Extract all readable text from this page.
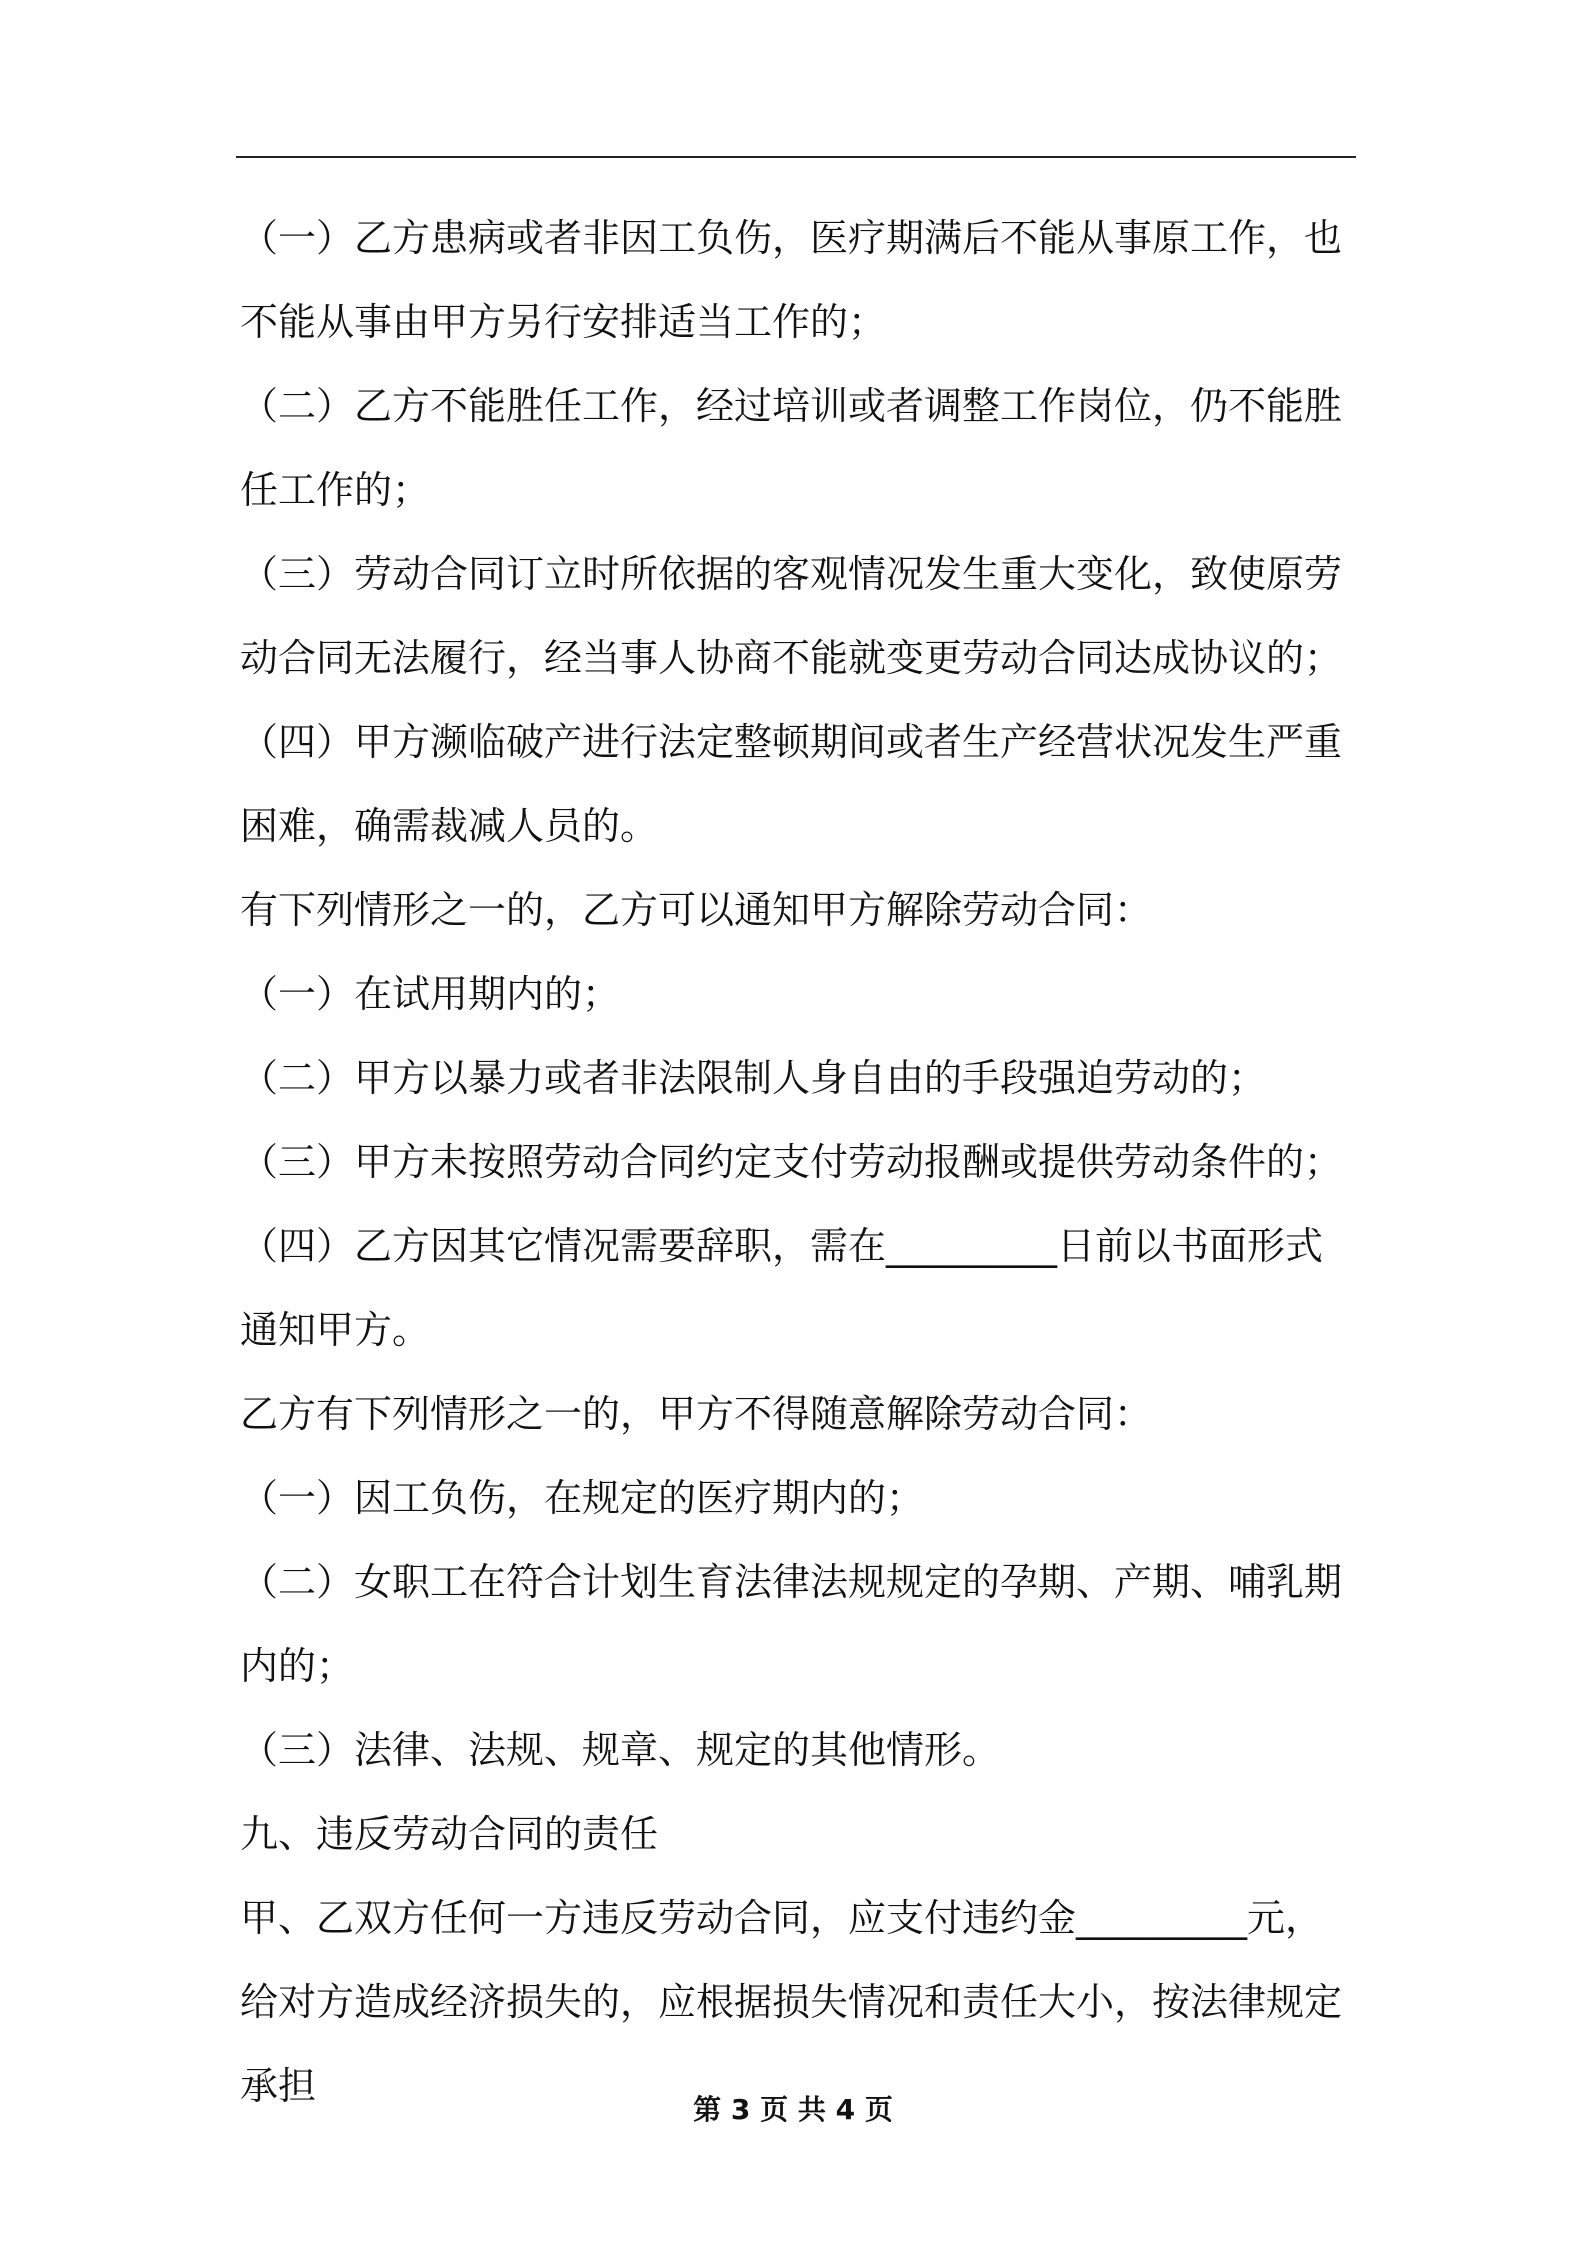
（一）乙方患病或者非因工负伤，医疗期满后不能从事原工作，也不能从事由甲方另行安排适当工作的；

（二）乙方不能胜任工作，经过培训或者调整工作岗位，仍不能胜任工作的；

（三）劳动合同订立时所依据的客观情况发生重大变化，致使原劳动合同无法履行，经当事人协商不能就变更劳动合同达成协议的；

（四）甲方濒临破产进行法定整顿期间或者生产经营状况发生严重困难，确需裁减人员的。

有下列情形之一的，乙方可以通知甲方解除劳动合同：

（一）在试用期内的；

（二）甲方以暴力或者非法限制人身自由的手段强迫劳动的；

（三）甲方未按照劳动合同约定支付劳动报酬或提供劳动条件的；

（四）乙方因其它情况需要辞职，需在_________日前以书面形式通知甲方。

乙方有下列情形之一的，甲方不得随意解除劳动合同：

（一）因工负伤，在规定的医疗期内的；

（二）女职工在符合计划生育法律法规规定的孕期、产期、哺乳期内的；

（三）法律、法规、规章、规定的其他情形。

九、违反劳动合同的责任

甲、乙双方任何一方违反劳动合同，应支付违约金_________元，给对方造成经济损失的，应根据损失情况和责任大小，按法律规定承担

第 3 页 共 4 页
